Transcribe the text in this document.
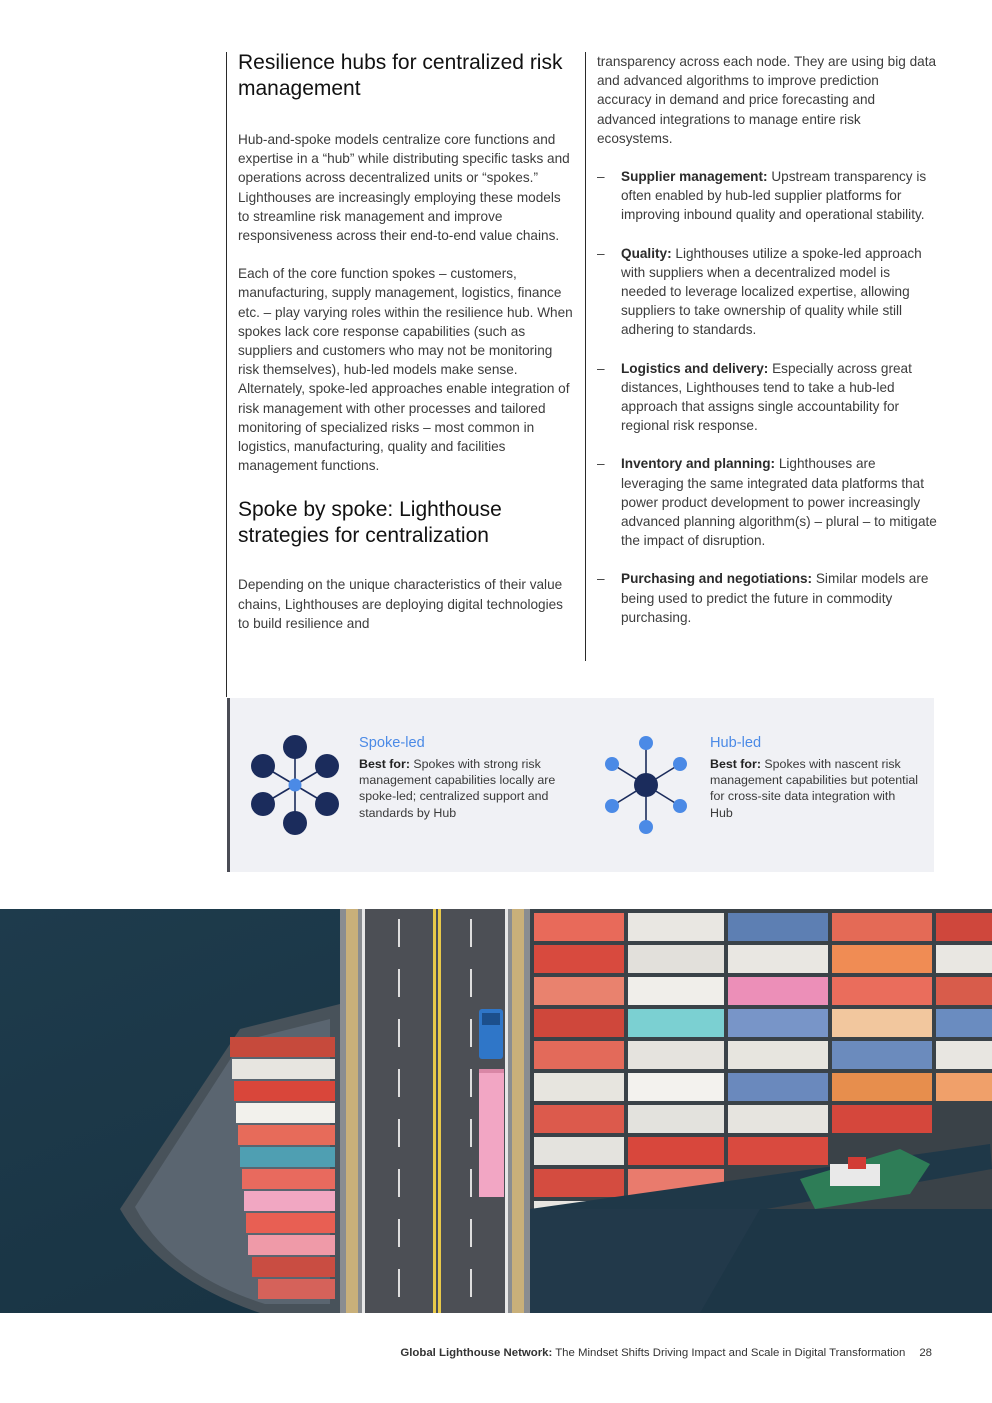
Resilience hubs for centralized risk management

Hub-and-spoke models centralize core functions and expertise in a “hub” while distributing specific tasks and operations across decentralized units or “spokes.” Lighthouses are increasingly employing these models to streamline risk management and improve responsiveness across their end-to-end value chains.

Each of the core function spokes – customers, manufacturing, supply management, logistics, finance etc. – play varying roles within the resilience hub. When spokes lack core response capabilities (such as suppliers and customers who may not be monitoring risk themselves), hub-led models make sense. Alternately, spoke-led approaches enable integration of risk management with other processes and tailored monitoring of specialized risks – most common in logistics, manufacturing, quality and facilities management functions.

Spoke by spoke: Lighthouse strategies for centralization

Depending on the unique characteristics of their value chains, Lighthouses are deploying digital technologies to build resilience and

transparency across each node. They are using big data and advanced algorithms to improve prediction accuracy in demand and price forecasting and advanced integrations to manage entire risk ecosystems.

– Supplier management: Upstream transparency is often enabled by hub-led supplier platforms for improving inbound quality and operational stability.
– Quality: Lighthouses utilize a spoke-led approach with suppliers when a decentralized model is needed to leverage localized expertise, allowing suppliers to take ownership of quality while still adhering to standards.
– Logistics and delivery: Especially across great distances, Lighthouses tend to take a hub-led approach that assigns single accountability for regional risk response.
– Inventory and planning: Lighthouses are leveraging the same integrated data platforms that power product development to power increasingly advanced planning algorithm(s) – plural – to mitigate the impact of disruption.
– Purchasing and negotiations: Similar models are being used to predict the future in commodity purchasing.
Spoke-led
Best for: Spokes with strong risk management capabilities locally are spoke-led; centralized support and standards by Hub
Hub-led
Best for: Spokes with nascent risk management capabilities but potential for cross-site data integration with Hub
Global Lighthouse Network: The Mindset Shifts Driving Impact and Scale in Digital Transformation 28
